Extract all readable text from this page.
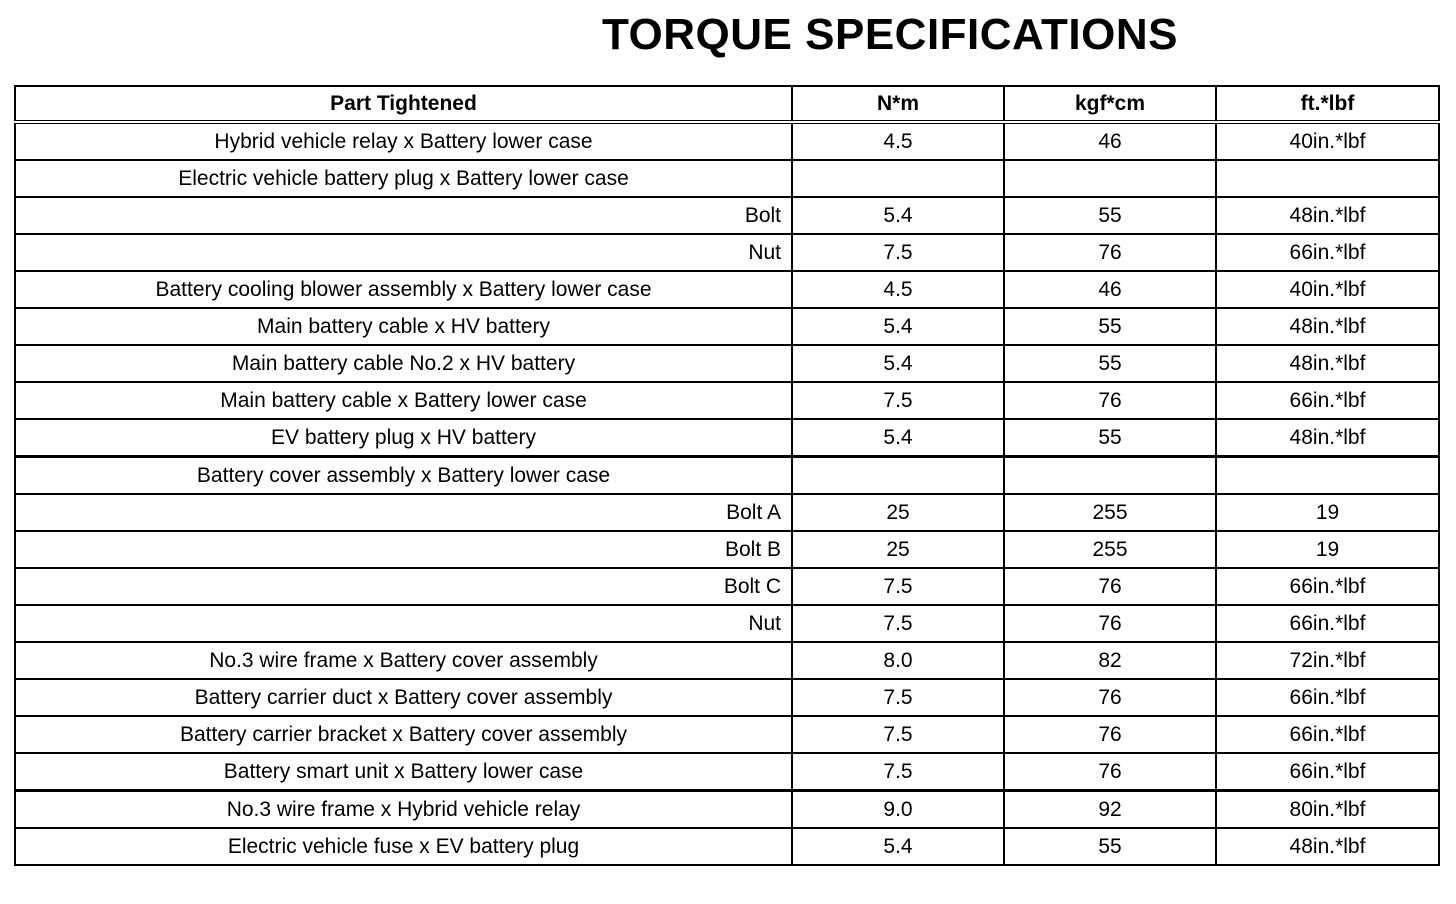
TORQUE SPECIFICATIONS
Part Tightened	N*m	kgf*cm	ft.*lbf
Hybrid vehicle relay x Battery lower case	4.5	46	40in.*lbf
Electric vehicle battery plug x Battery lower case			
Bolt	5.4	55	48in.*lbf
Nut	7.5	76	66in.*lbf
Battery cooling blower assembly x Battery lower case	4.5	46	40in.*lbf
Main battery cable x HV battery	5.4	55	48in.*lbf
Main battery cable No.2 x HV battery	5.4	55	48in.*lbf
Main battery cable x Battery lower case	7.5	76	66in.*lbf
EV battery plug x HV battery	5.4	55	48in.*lbf
Battery cover assembly x Battery lower case			
Bolt A	25	255	19
Bolt B	25	255	19
Bolt C	7.5	76	66in.*lbf
Nut	7.5	76	66in.*lbf
No.3 wire frame x Battery cover assembly	8.0	82	72in.*lbf
Battery carrier duct x Battery cover assembly	7.5	76	66in.*lbf
Battery carrier bracket x Battery cover assembly	7.5	76	66in.*lbf
Battery smart unit x Battery lower case	7.5	76	66in.*lbf
No.3 wire frame x Hybrid vehicle relay	9.0	92	80in.*lbf
Electric vehicle fuse x EV battery plug	5.4	55	48in.*lbf
